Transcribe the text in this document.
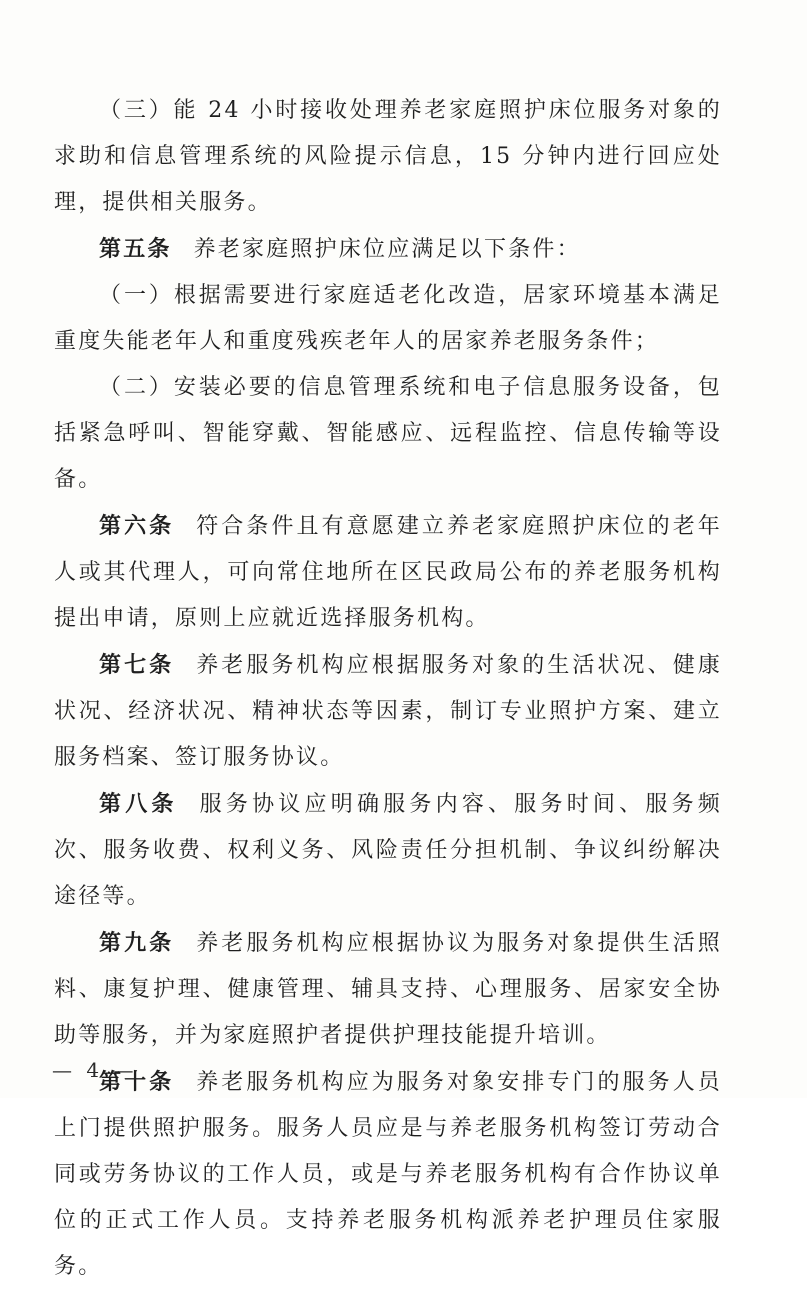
（三）能 24 小时接收处理养老家庭照护床位服务对象的求助和信息管理系统的风险提示信息，15 分钟内进行回应处理，提供相关服务。

第五条 养老家庭照护床位应满足以下条件：

（一）根据需要进行家庭适老化改造，居家环境基本满足重度失能老年人和重度残疾老年人的居家养老服务条件；

（二）安装必要的信息管理系统和电子信息服务设备，包括紧急呼叫、智能穿戴、智能感应、远程监控、信息传输等设备。

第六条 符合条件且有意愿建立养老家庭照护床位的老年人或其代理人，可向常住地所在区民政局公布的养老服务机构提出申请，原则上应就近选择服务机构。

第七条 养老服务机构应根据服务对象的生活状况、健康状况、经济状况、精神状态等因素，制订专业照护方案、建立服务档案、签订服务协议。

第八条 服务协议应明确服务内容、服务时间、服务频次、服务收费、权利义务、风险责任分担机制、争议纠纷解决途径等。

第九条 养老服务机构应根据协议为服务对象提供生活照料、康复护理、健康管理、辅具支持、心理服务、居家安全协助等服务，并为家庭照护者提供护理技能提升培训。

第十条 养老服务机构应为服务对象安排专门的服务人员上门提供照护服务。服务人员应是与养老服务机构签订劳动合同或劳务协议的工作人员，或是与养老服务机构有合作协议单位的正式工作人员。支持养老服务机构派养老护理员住家服务。

— 4 —
